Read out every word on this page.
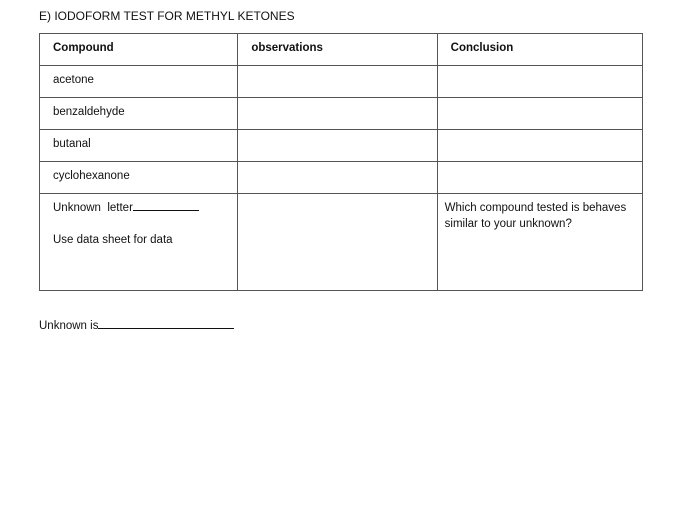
E) IODOFORM TEST FOR METHYL KETONES
Compound	observations	Conclusion

acetone		

benzaldehyde		

butanal		

cyclohexanone		

Unknown  letter
Use data sheet for data		Which compound tested is behaves similar to your unknown?
Unknown is
